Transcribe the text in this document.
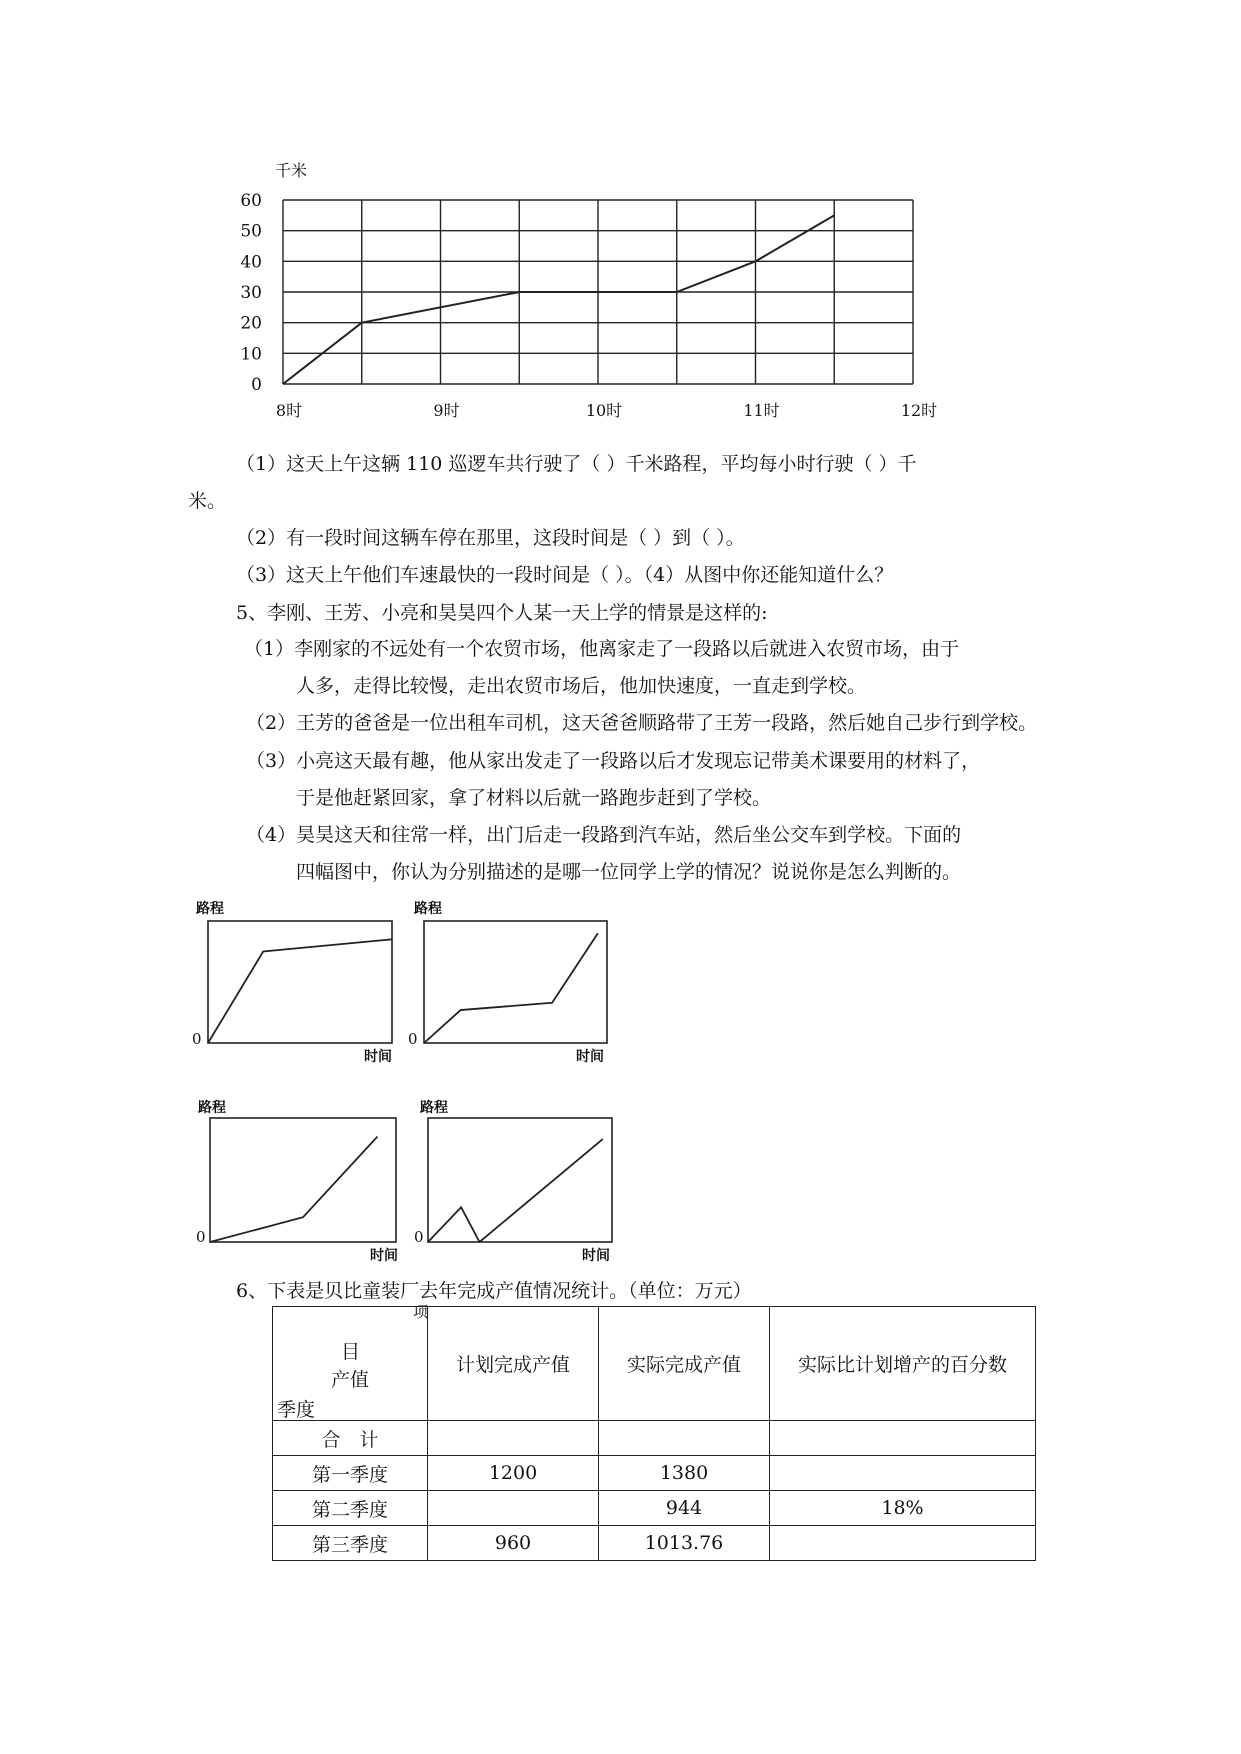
千米
60
50
40
30
20
10
0
8时	9时	10时	11时	12时
（1）这天上午这辆 110 巡逻车共行驶了（ ）千米路程，平均每小时行驶（ ）千
米。
（2）有一段时间这辆车停在那里，这段时间是（ ）到（ ）。
（3）这天上午他们车速最快的一段时间是（ ）。（4）从图中你还能知道什么？
5、李刚、王芳、小亮和昊昊四个人某一天上学的情景是这样的:
（1）李刚家的不远处有一个农贸市场，他离家走了一段路以后就进入农贸市场，由于
人多，走得比较慢，走出农贸市场后，他加快速度，一直走到学校。
（2）王芳的爸爸是一位出租车司机，这天爸爸顺路带了王芳一段路，然后她自己步行到学校。
（3）小亮这天最有趣，他从家出发走了一段路以后才发现忘记带美术课要用的材料了，
于是他赶紧回家，拿了材料以后就一路跑步赶到了学校。
（4）昊昊这天和往常一样，出门后走一段路到汽车站，然后坐公交车到学校。下面的
四幅图中，你认为分别描述的是哪一位同学上学的情况？说说你是怎么判断的。
路程
0
时间
路程
0
时间
路程
0
时间
路程
0
时间
6、下表是贝比童装厂去年完成产值情况统计。（单位：万元）
项
目
产值
季度	计划完成产值	实际完成产值	实际比计划增产的百分数
合　计			
第一季度	1200	1380	
第二季度		944	18%
第三季度	960	1013.76	
